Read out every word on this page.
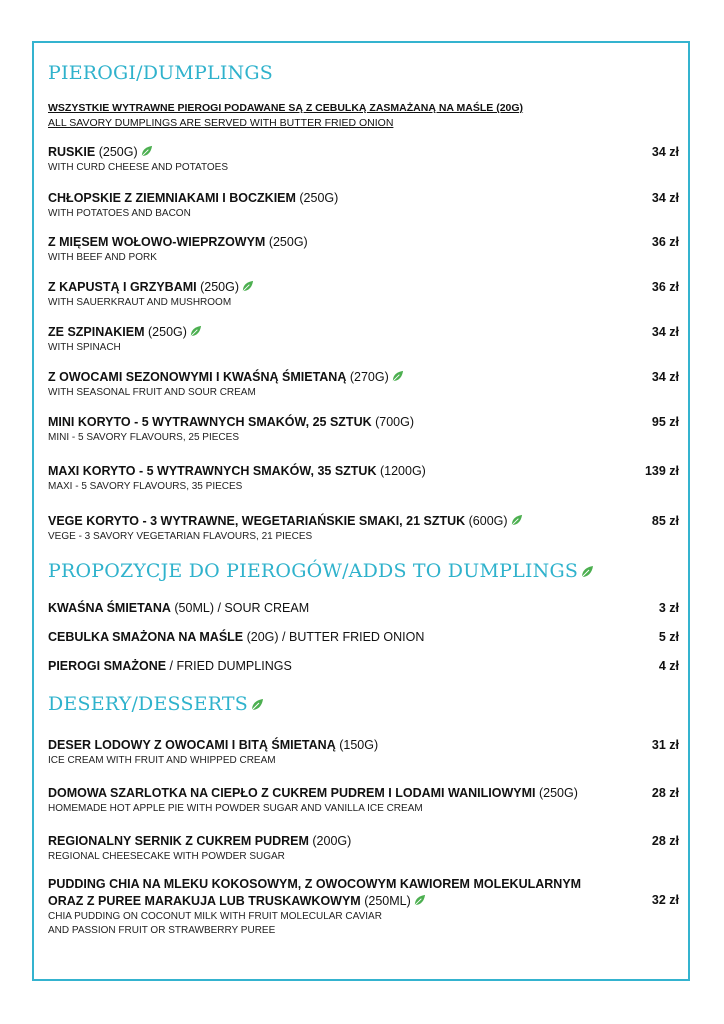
PIEROGI/DUMPLINGS
WSZYSTKIE WYTRAWNE PIEROGI PODAWANE SĄ Z CEBULKĄ ZASMAŻANĄ NA MAŚLE (20G)
ALL SAVORY DUMPLINGS ARE SERVED WITH BUTTER FRIED ONION
RUSKIE (250G)
WITH CURD CHEESE AND POTATOES
34 zł
CHŁOPSKIE Z ZIEMNIAKAMI I BOCZKIEM (250G)
WITH POTATOES AND BACON
34 zł
Z MIĘSEM WOŁOWO-WIEPRZOWYM (250G)
WITH BEEF AND PORK
36 zł
Z KAPUSTĄ I GRZYBAMI (250G)
WITH SAUERKRAUT AND MUSHROOM
36 zł
ZE SZPINAKIEM (250G)
WITH SPINACH
34 zł
Z OWOCAMI SEZONOWYMI I KWAŚNĄ ŚMIETANĄ (270G)
WITH SEASONAL FRUIT AND SOUR CREAM
34 zł
MINI KORYTO - 5 WYTRAWNYCH SMAKÓW, 25 SZTUK (700G)
MINI - 5 SAVORY FLAVOURS, 25 PIECES
95 zł
MAXI KORYTO - 5 WYTRAWNYCH SMAKÓW, 35 SZTUK (1200G)
MAXI - 5 SAVORY FLAVOURS, 35 PIECES
139 zł
VEGE KORYTO - 3 WYTRAWNE, WEGETARIAŃSKIE SMAKI, 21 SZTUK (600G)
VEGE - 3 SAVORY VEGETARIAN FLAVOURS, 21 PIECES
85 zł
PROPOZYCJE DO PIEROGÓW/ADDS TO DUMPLINGS
KWAŚNA ŚMIETANA (50ML) / SOUR CREAM	3 zł
CEBULKA SMAŻONA NA MAŚLE (20G) / BUTTER FRIED ONION	5 zł
PIEROGI SMAŻONE / FRIED DUMPLINGS	4 zł
DESERY/DESSERTS
DESER LODOWY Z OWOCAMI I BITĄ ŚMIETANĄ (150G)
ICE CREAM WITH FRUIT AND WHIPPED CREAM
31 zł
DOMOWA SZARLOTKA NA CIEPŁO Z CUKREM PUDREM I LODAMI WANILIOWYMI (250G)
HOMEMADE HOT APPLE PIE WITH POWDER SUGAR AND VANILLA ICE CREAM
28 zł
REGIONALNY SERNIK Z CUKREM PUDREM (200G)
REGIONAL CHEESECAKE WITH POWDER SUGAR
28 zł
PUDDING CHIA NA MLEKU KOKOSOWYM, Z OWOCOWYM KAWIOREM MOLEKULARNYM
ORAZ Z PUREE MARAKUJA LUB TRUSKAWKOWYM (250ML)
CHIA PUDDING ON COCONUT MILK WITH FRUIT MOLECULAR CAVIAR
AND PASSION FRUIT OR STRAWBERRY PUREE
32 zł
